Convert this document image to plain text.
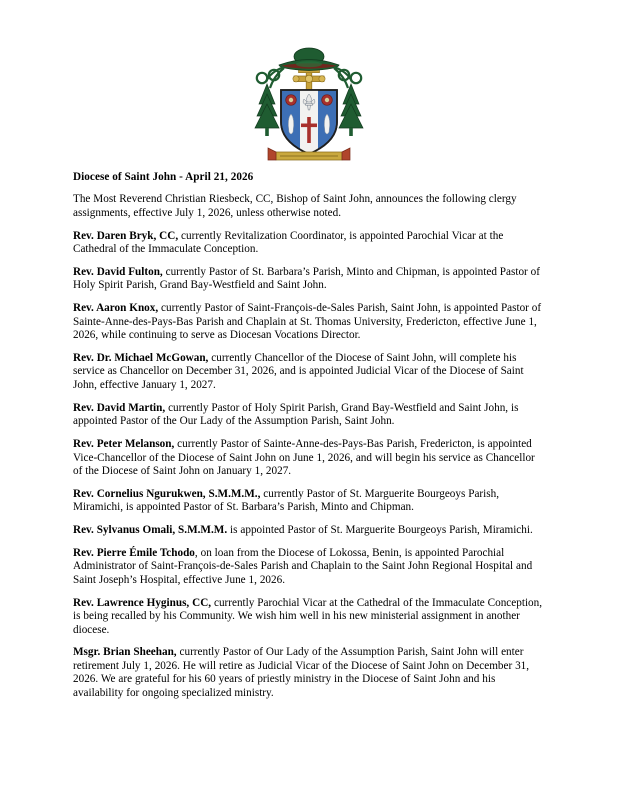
Diocese of Saint John - April 21, 2026

The Most Reverend Christian Riesbeck, CC, Bishop of Saint John, announces the following clergy assignments, effective July 1, 2026, unless otherwise noted.

Rev. Daren Bryk, CC, currently Revitalization Coordinator, is appointed Parochial Vicar at the Cathedral of the Immaculate Conception.

Rev. David Fulton, currently Pastor of St. Barbara’s Parish, Minto and Chipman, is appointed Pastor of Holy Spirit Parish, Grand Bay-Westfield and Saint John.

Rev. Aaron Knox, currently Pastor of Saint-François-de-Sales Parish, Saint John, is appointed Pastor of Sainte-Anne-des-Pays-Bas Parish and Chaplain at St. Thomas University, Fredericton, effective June 1, 2026, while continuing to serve as Diocesan Vocations Director.

Rev. Dr. Michael McGowan, currently Chancellor of the Diocese of Saint John, will complete his service as Chancellor on December 31, 2026, and is appointed Judicial Vicar of the Diocese of Saint John, effective January 1, 2027.

Rev. David Martin, currently Pastor of Holy Spirit Parish, Grand Bay-Westfield and Saint John, is appointed Pastor of the Our Lady of the Assumption Parish, Saint John.

Rev. Peter Melanson, currently Pastor of Sainte-Anne-des-Pays-Bas Parish, Fredericton, is appointed Vice-Chancellor of the Diocese of Saint John on June 1, 2026, and will begin his service as Chancellor of the Diocese of Saint John on January 1, 2027.

Rev. Cornelius Ngurukwen, S.M.M.M., currently Pastor of St. Marguerite Bourgeoys Parish, Miramichi, is appointed Pastor of St. Barbara’s Parish, Minto and Chipman.

Rev. Sylvanus Omali, S.M.M.M. is appointed Pastor of St. Marguerite Bourgeoys Parish, Miramichi.

Rev. Pierre Émile Tchodo, on loan from the Diocese of Lokossa, Benin, is appointed Parochial Administrator of Saint-François-de-Sales Parish and Chaplain to the Saint John Regional Hospital and Saint Joseph’s Hospital, effective June 1, 2026.

Rev. Lawrence Hyginus, CC, currently Parochial Vicar at the Cathedral of the Immaculate Conception, is being recalled by his Community. We wish him well in his new ministerial assignment in another diocese.

Msgr. Brian Sheehan, currently Pastor of Our Lady of the Assumption Parish, Saint John will enter retirement July 1, 2026. He will retire as Judicial Vicar of the Diocese of Saint John on December 31, 2026. We are grateful for his 60 years of priestly ministry in the Diocese of Saint John and his availability for ongoing specialized ministry.
